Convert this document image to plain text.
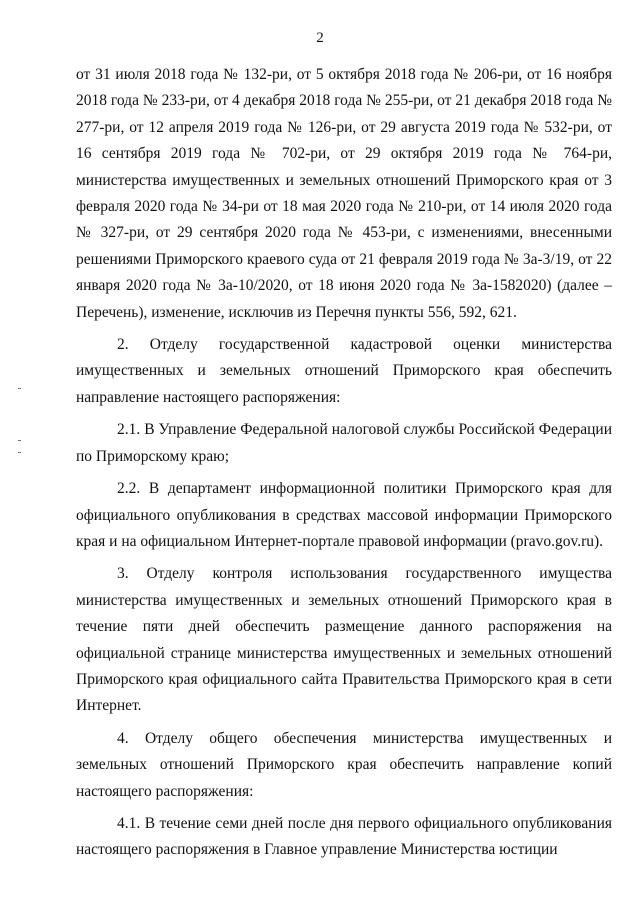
2

от 31 июля 2018 года № 132-ри, от 5 октября 2018 года № 206-ри, от 16 ноября 2018 года № 233-ри, от 4 декабря 2018 года № 255-ри, от 21 декабря 2018 года № 277-ри, от 12 апреля 2019 года № 126-ри, от 29 августа 2019 года № 532-ри, от 16 сентября 2019 года № 702-ри, от 29 октября 2019 года № 764-ри, министерства имущественных и земельных отношений Приморского края от 3 февраля 2020 года № 34-ри от 18 мая 2020 года № 210-ри, от 14 июля 2020 года № 327-ри, от 29 сентября 2020 года № 453-ри, с изменениями, внесенными решениями Приморского краевого суда от 21 февраля 2019 года № 3а-3/19, от 22 января 2020 года № 3а-10/2020, от 18 июня 2020 года № 3а-1582020) (далее – Перечень), изменение, исключив из Перечня пункты 556, 592, 621.

2. Отделу государственной кадастровой оценки министерства имущественных и земельных отношений Приморского края обеспечить направление настоящего распоряжения:

2.1. В Управление Федеральной налоговой службы Российской Федерации по Приморскому краю;

2.2. В департамент информационной политики Приморского края для официального опубликования в средствах массовой информации Приморского края и на официальном Интернет-портале правовой информации (pravo.gov.ru).

3. Отделу контроля использования государственного имущества министерства имущественных и земельных отношений Приморского края в течение пяти дней обеспечить размещение данного распоряжения на официальной странице министерства имущественных и земельных отношений Приморского края официального сайта Правительства Приморского края в сети Интернет.

4. Отделу общего обеспечения министерства имущественных и земельных отношений Приморского края обеспечить направление копий настоящего распоряжения:

4.1. В течение семи дней после дня первого официального опубликования настоящего распоряжения в Главное управление Министерства юстиции
